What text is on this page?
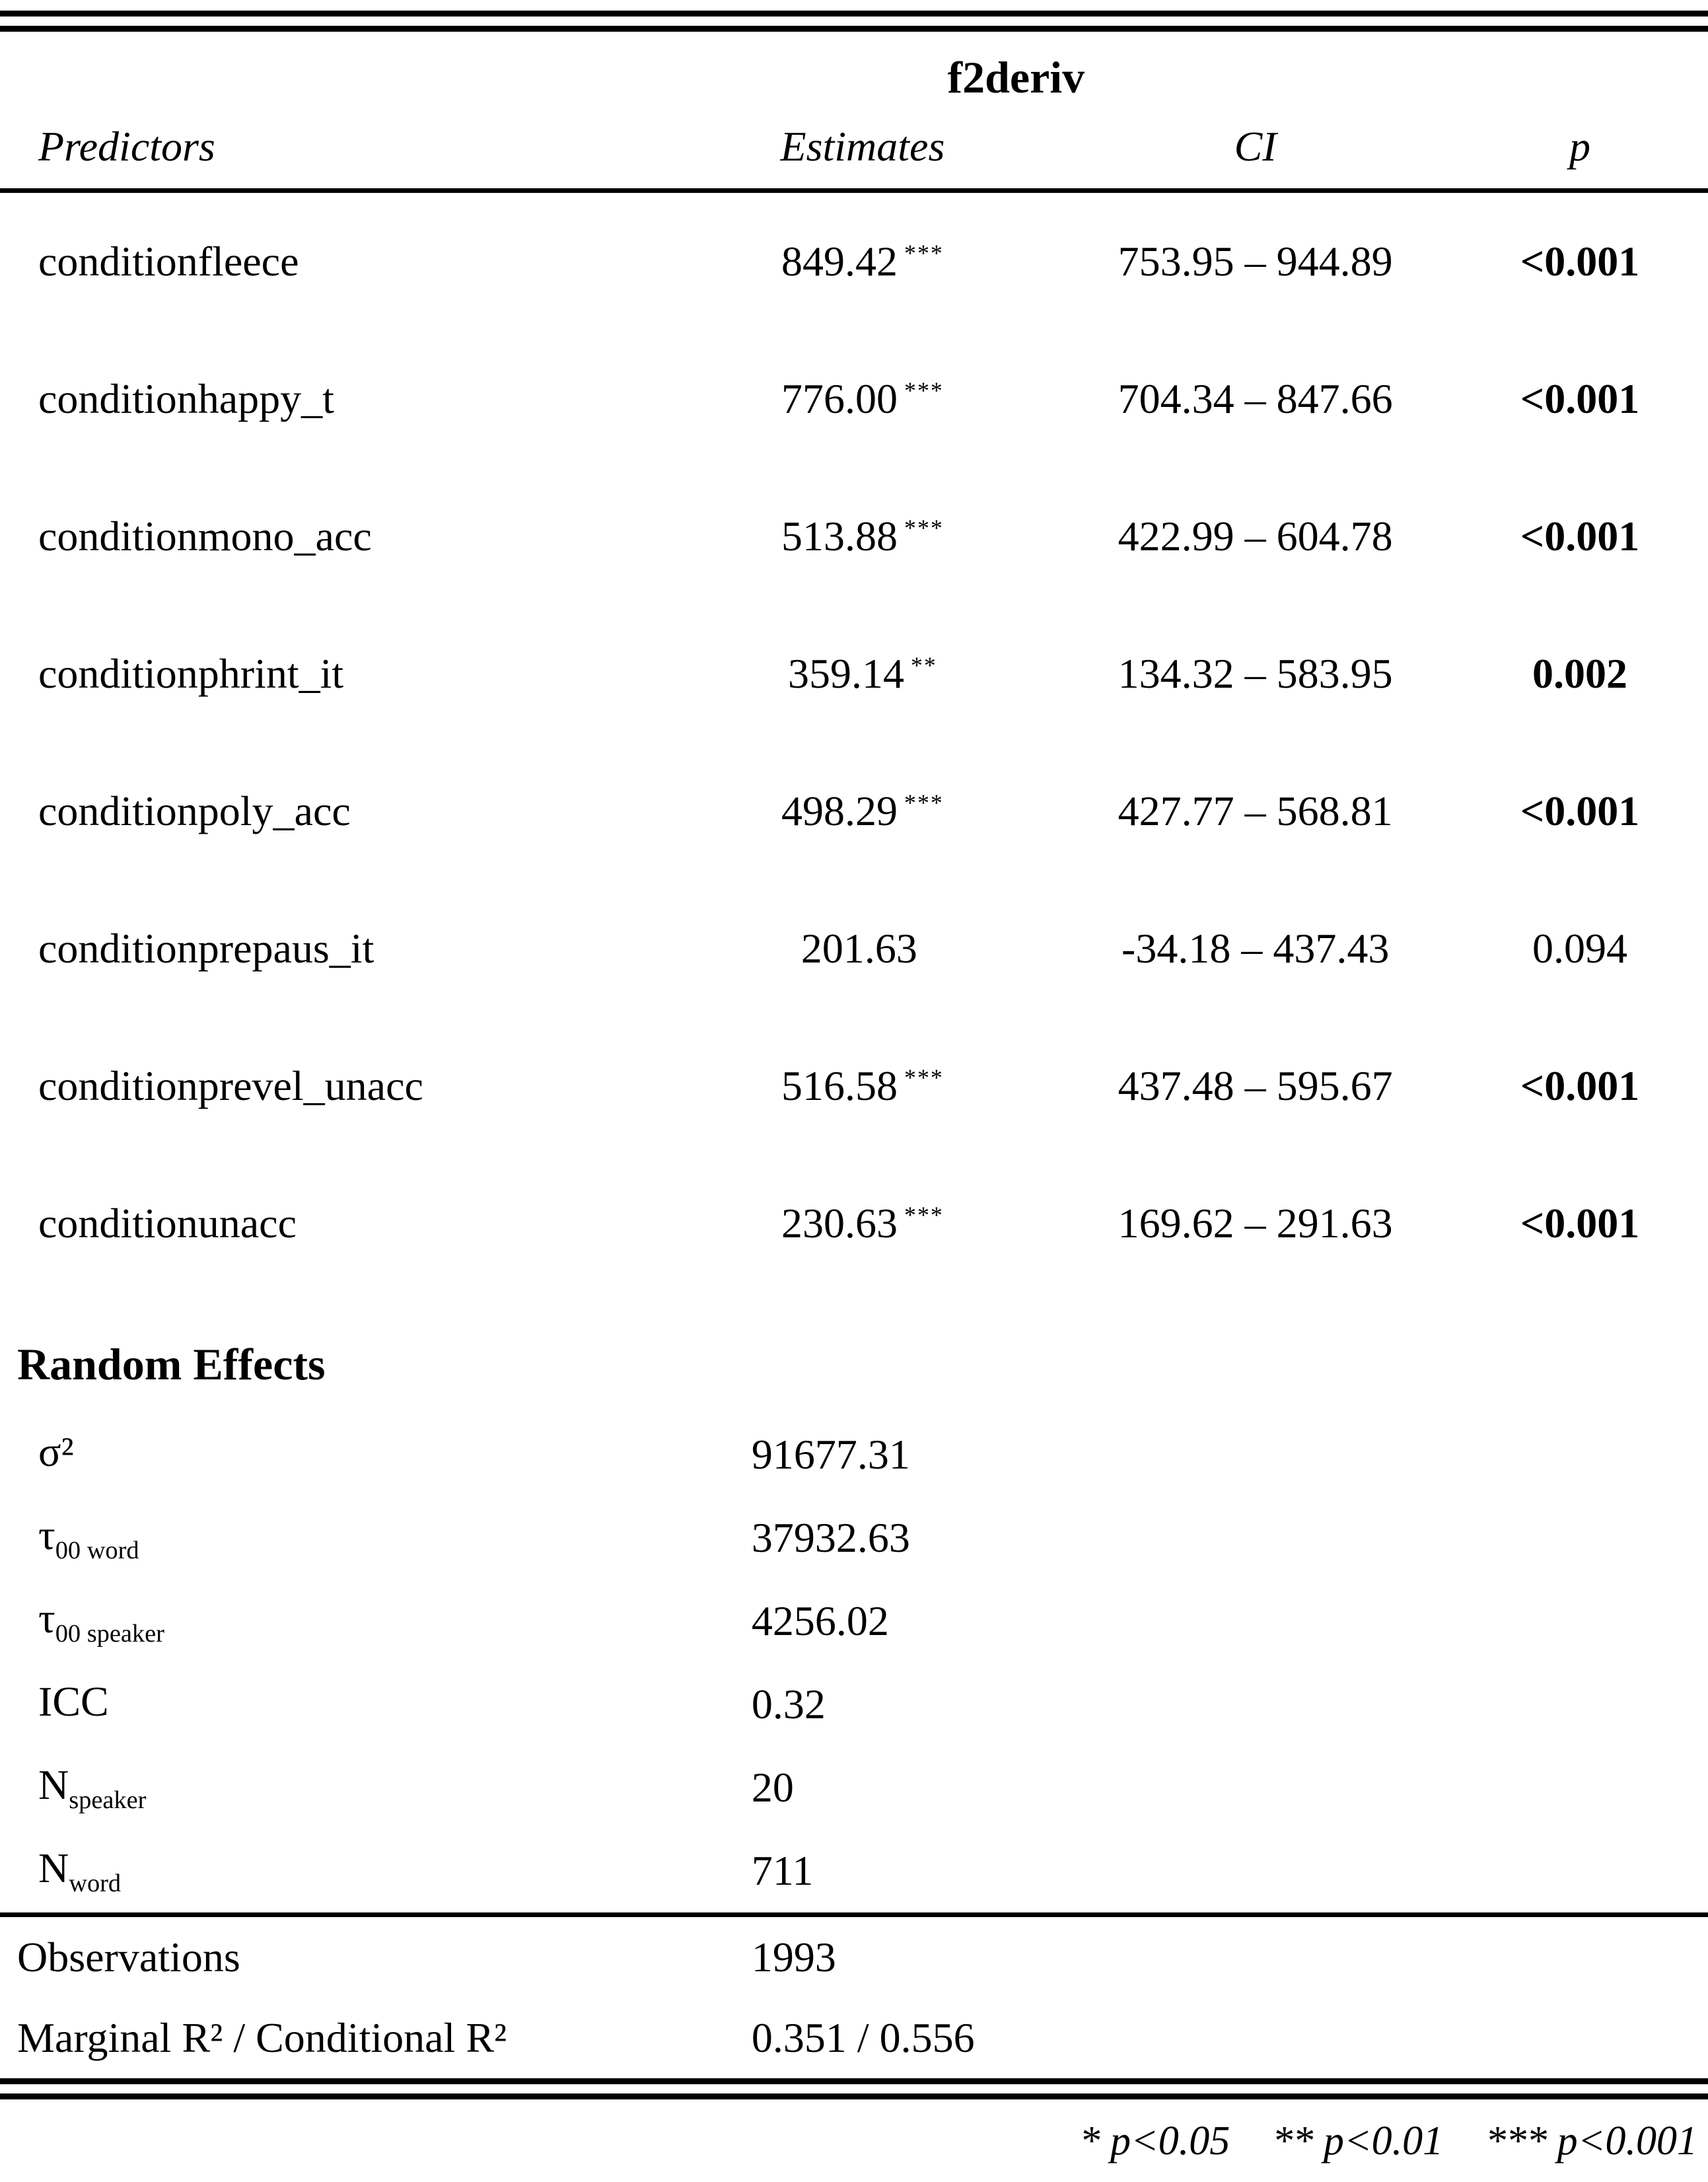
f2deriv
Predictors	Estimates	CI	p
conditionfleece	849.42 ***	753.95 – 944.89	<0.001
conditionhappy_t	776.00 ***	704.34 – 847.66	<0.001
conditionmono_acc	513.88 ***	422.99 – 604.78	<0.001
conditionphrint_it	359.14 **	134.32 – 583.95	0.002
conditionpoly_acc	498.29 ***	427.77 – 568.81	<0.001
conditionprepaus_it	201.63	-34.18 – 437.43	0.094
conditionprevel_unacc	516.58 ***	437.48 – 595.67	<0.001
conditionunacc	230.63 ***	169.62 – 291.63	<0.001
Random Effects
σ²	91677.31
$\tau_{00 word}$	37932.63
$\tau_{00 speaker}$	4256.02
ICC	0.32
$N_{speaker}$	20
$N_{word}$	711
Observations	1993
Marginal R² / Conditional R²	0.351 / 0.556
* p<0.05 ** p<0.01 *** p<0.001
